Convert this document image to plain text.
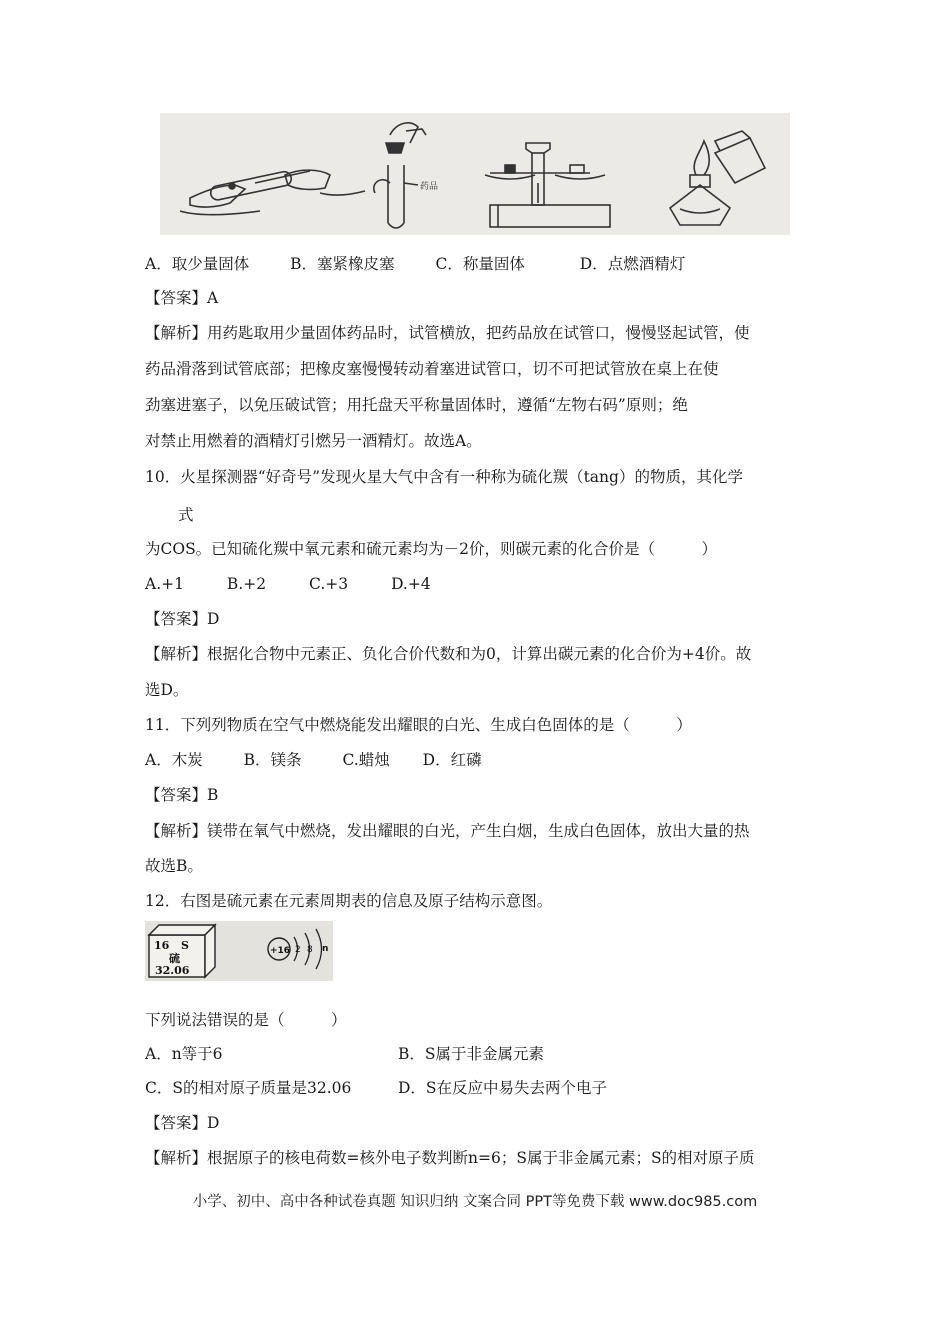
药品
A．取少量固体	B．塞紧橡皮塞	C．称量固体	D．点燃酒精灯
【答案】A
【解析】用药匙取用少量固体药品时，试管横放，把药品放在试管口，慢慢竖起试管，使
药品滑落到试管底部；把橡皮塞慢慢转动着塞进试管口，切不可把试管放在桌上在使
劲塞进塞子，以免压破试管；用托盘天平称量固体时，遵循“左物右码”原则；绝
对禁止用燃着的酒精灯引燃另一酒精灯。故选A。
10．火星探测器“好奇号”发现火星大气中含有一种称为硫化羰（tang）的物质，其化学
式
为COS。已知硫化羰中氧元素和硫元素均为－2价，则碳元素的化合价是（　　　）
A.+1	B.+2	C.+3	D.+4
【答案】D
【解析】根据化合物中元素正、负化合价代数和为0，计算出碳元素的化合价为+4价。故
选D。
11．下列列物质在空气中燃烧能发出耀眼的白光、生成白色固体的是（　　　）
A．木炭	B．镁条	C.蜡烛 D．红磷
【答案】B
【解析】镁带在氧气中燃烧，发出耀眼的白光，产生白烟，生成白色固体，放出大量的热
故选B。
12．右图是硫元素在元素周期表的信息及原子结构示意图。
16 S
硫
32.06
+16 2 8 n
下列说法错误的是（　　　）
A．n等于6	B．S属于非金属元素
C．S的相对原子质量是32.06	D．S在反应中易失去两个电子
【答案】D
【解析】根据原子的核电荷数=核外电子数判断n=6；S属于非金属元素；S的相对原子质
小学、初中、高中各种试卷真题 知识归纳 文案合同 PPT等免费下载 www.doc985.com
